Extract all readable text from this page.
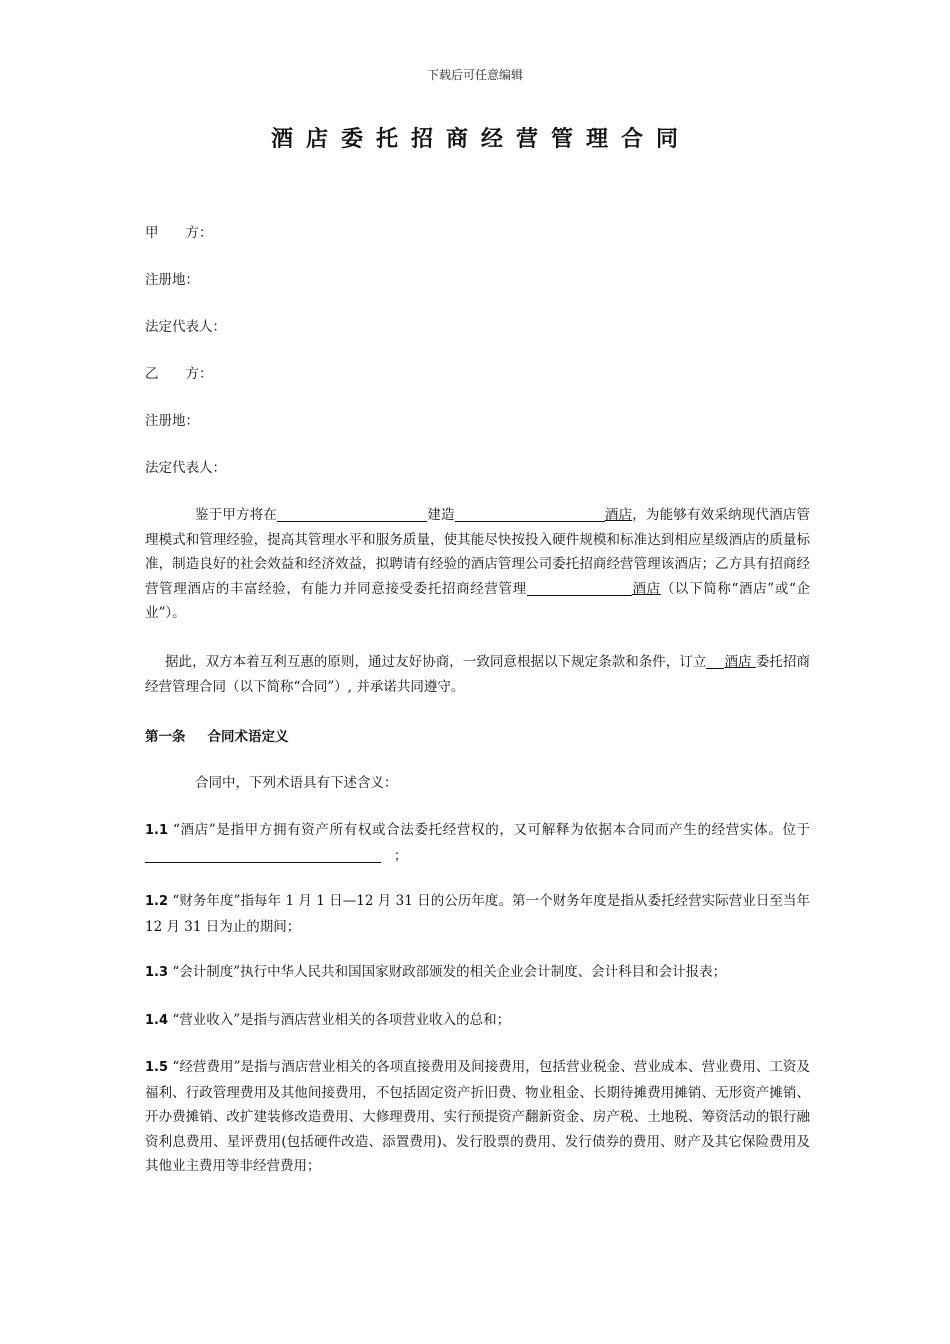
下载后可任意编辑
酒店委托招商经营管理合同
甲　　方：
注册地：
法定代表人：
乙　　方：
注册地：
法定代表人：
鉴于甲方将在	建造	酒店，为能够有效采纳现代酒店管理模式和管理经验，提高其管理水平和服务质量，使其能尽快按投入硬件规模和标准达到相应星级酒店的质量标准，制造良好的社会效益和经济效益，拟聘请有经验的酒店管理公司委托招商经营管理该酒店；乙方具有招商经营管理酒店的丰富经验，有能力并同意接受委托招商经营管理	酒店（以下简称“酒店”或“企业”）。
据此，双方本着互利互惠的原则，通过友好协商，一致同意根据以下规定条款和条件，订立 酒店 委托招商经营管理合同（以下简称“合同”）, 并承诺共同遵守。
第一条 合同术语定义
合同中，下列术语具有下述含义：
1.1 “酒店”是指甲方拥有资产所有权或合法委托经营权的，又可解释为依据本合同而产生的经营实体。位于   ；
1.2 “财务年度”指每年 1 月 1 日—12 月 31 日的公历年度。第一个财务年度是指从委托经营实际营业日至当年 12 月 31 日为止的期间；
1.3 “会计制度”执行中华人民共和国国家财政部颁发的相关企业会计制度、会计科目和会计报表；
1.4 “营业收入”是指与酒店营业相关的各项营业收入的总和；
1.5 “经营费用”是指与酒店营业相关的各项直接费用及间接费用，包括营业税金、营业成本、营业费用、工资及福利、行政管理费用及其他间接费用，不包括固定资产折旧费、物业租金、长期待摊费用摊销、无形资产摊销、开办费摊销、改扩建装修改造费用、大修理费用、实行预提资产翻新资金、房产税、土地税、筹资活动的银行融资利息费用、星评费用(包括硬件改造、添置费用)、发行股票的费用、发行债券的费用、财产及其它保险费用及其他业主费用等非经营费用；
